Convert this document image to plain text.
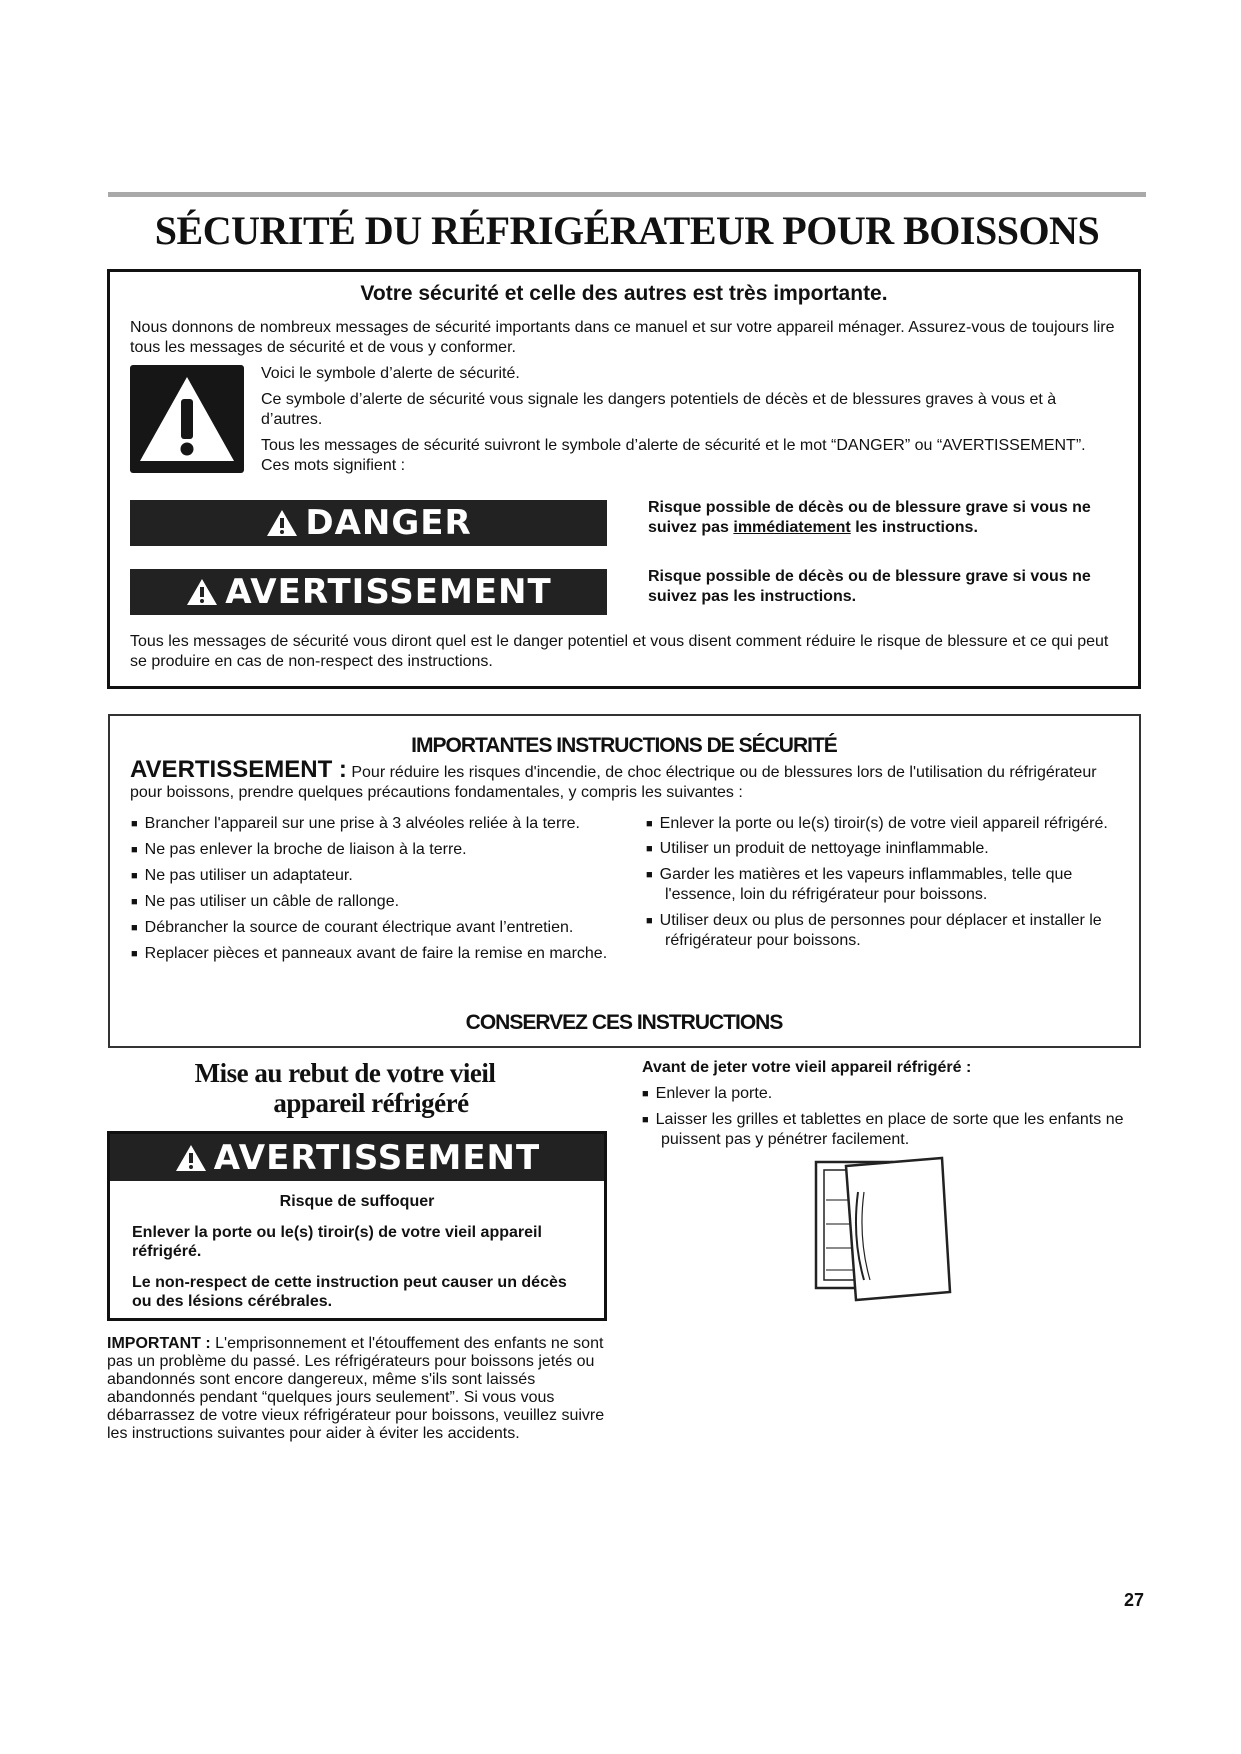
SÉCURITÉ DU RÉFRIGÉRATEUR POUR BOISSONS
Votre sécurité et celle des autres est très importante.
Nous donnons de nombreux messages de sécurité importants dans ce manuel et sur votre appareil ménager. Assurez-vous de toujours lire tous les messages de sécurité et de vous y conformer.
Voici le symbole d’alerte de sécurité.
Ce symbole d’alerte de sécurité vous signale les dangers potentiels de décès et de blessures graves à vous et à d’autres.
Tous les messages de sécurité suivront le symbole d’alerte de sécurité et le mot “DANGER” ou “AVERTISSEMENT”. Ces mots signifient :
DANGER	Risque possible de décès ou de blessure grave si vous ne suivez pas immédiatement les instructions.
AVERTISSEMENT	Risque possible de décès ou de blessure grave si vous ne suivez pas les instructions.
Tous les messages de sécurité vous diront quel est le danger potentiel et vous disent comment réduire le risque de blessure et ce qui peut se produire en cas de non-respect des instructions.
IMPORTANTES INSTRUCTIONS DE SÉCURITÉ
AVERTISSEMENT : Pour réduire les risques d'incendie, de choc électrique ou de blessures lors de l'utilisation du réfrigérateur pour boissons, prendre quelques précautions fondamentales, y compris les suivantes :
■ Brancher l'appareil sur une prise à 3 alvéoles reliée à la terre.
■ Ne pas enlever la broche de liaison à la terre.
■ Ne pas utiliser un adaptateur.
■ Ne pas utiliser un câble de rallonge.
■ Débrancher la source de courant électrique avant l’entretien.
■ Replacer pièces et panneaux avant de faire la remise en marche.
■ Enlever la porte ou le(s) tiroir(s) de votre vieil appareil réfrigéré.
■ Utiliser un produit de nettoyage ininflammable.
■ Garder les matières et les vapeurs inflammables, telle que l'essence, loin du réfrigérateur pour boissons.
■ Utiliser deux ou plus de personnes pour déplacer et installer le réfrigérateur pour boissons.
CONSERVEZ CES INSTRUCTIONS
Mise au rebut de votre vieil
appareil réfrigéré
AVERTISSEMENT
Risque de suffoquer
Enlever la porte ou le(s) tiroir(s) de votre vieil appareil réfrigéré.
Le non-respect de cette instruction peut causer un décès ou des lésions cérébrales.
IMPORTANT : L'emprisonnement et l'étouffement des enfants ne sont pas un problème du passé. Les réfrigérateurs pour boissons jetés ou abandonnés sont encore dangereux, même s'ils sont laissés abandonnés pendant “quelques jours seulement”. Si vous vous débarrassez de votre vieux réfrigérateur pour boissons, veuillez suivre les instructions suivantes pour aider à éviter les accidents.
Avant de jeter votre vieil appareil réfrigéré :
■ Enlever la porte.
■ Laisser les grilles et tablettes en place de sorte que les enfants ne puissent pas y pénétrer facilement.
27
